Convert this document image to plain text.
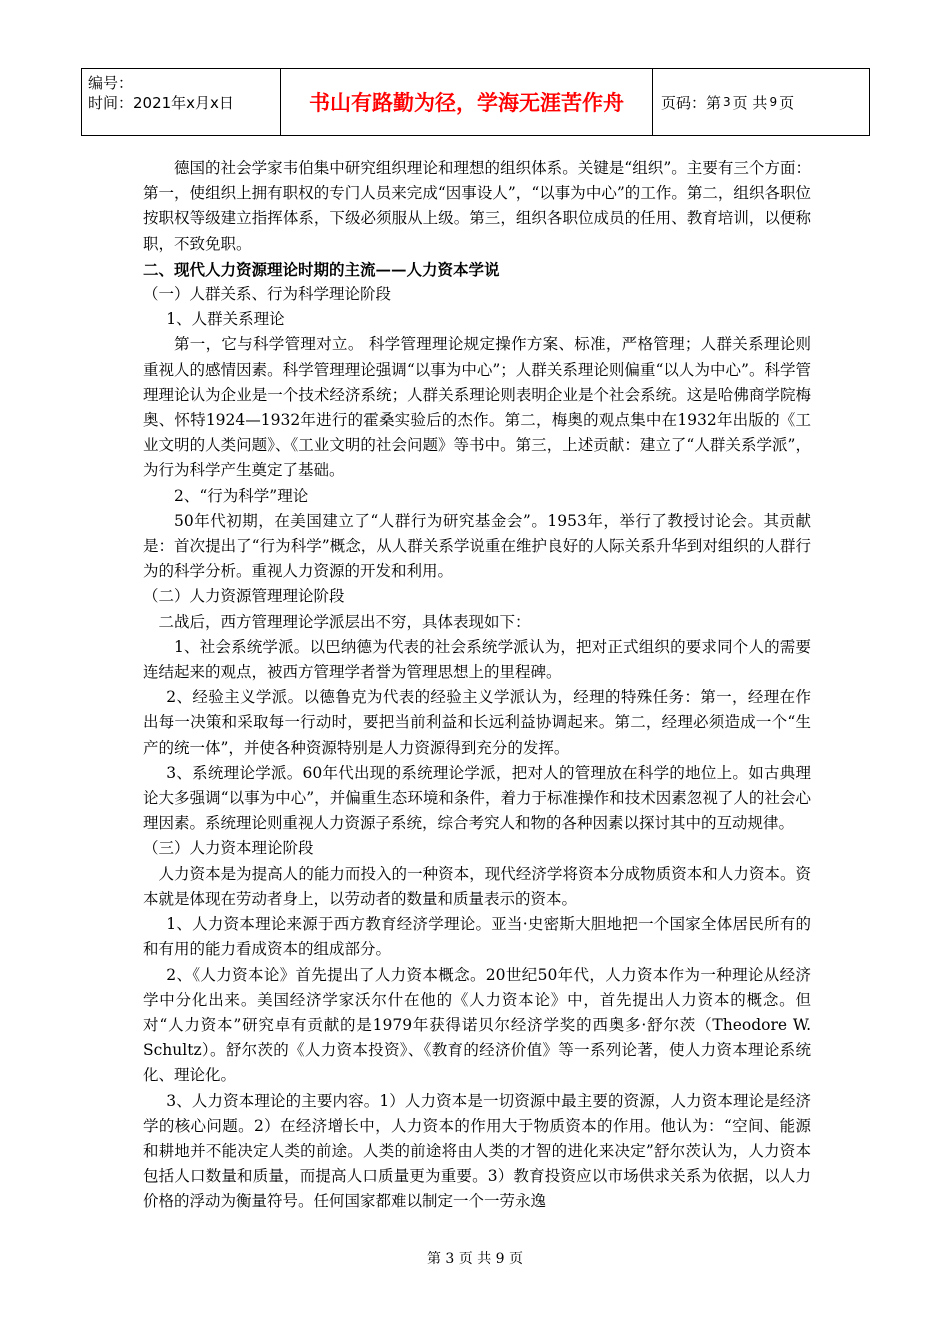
编号：
时间：2021年x月x日	书山有路勤为径，学海无涯苦作舟	页码：第 3 页 共 9 页

德国的社会学家韦伯集中研究组织理论和理想的组织体系。关键是“组织”。主要有三个方面：第一，使组织上拥有职权的专门人员来完成“因事设人”，“以事为中心”的工作。第二，组织各职位按职权等级建立指挥体系，下级必须服从上级。第三，组织各职位成员的任用、教育培训，以便称职，不致免职。

二、现代人力资源理论时期的主流——人力资本学说

（一）人群关系、行为科学理论阶段

1、人群关系理论

第一，它与科学管理对立。 科学管理理论规定操作方案、标准，严格管理；人群关系理论则重视人的感情因素。科学管理理论强调“以事为中心”；人群关系理论则偏重“以人为中心”。科学管理理论认为企业是一个技术经济系统；人群关系理论则表明企业是个社会系统。这是哈佛商学院梅奥、怀特1924—1932年进行的霍桑实验后的杰作。第二，梅奥的观点集中在1932年出版的《工业文明的人类问题》、《工业文明的社会问题》等书中。第三，上述贡献：建立了“人群关系学派”，为行为科学产生奠定了基础。

2、“行为科学”理论

50年代初期，在美国建立了“人群行为研究基金会”。1953年，举行了教授讨论会。其贡献是：首次提出了“行为科学”概念，从人群关系学说重在维护良好的人际关系升华到对组织的人群行为的科学分析。重视人力资源的开发和利用。

（二）人力资源管理理论阶段

二战后，西方管理理论学派层出不穷，具体表现如下：

1、社会系统学派。以巴纳德为代表的社会系统学派认为，把对正式组织的要求同个人的需要连结起来的观点，被西方管理学者誉为管理思想上的里程碑。

2、经验主义学派。以德鲁克为代表的经验主义学派认为，经理的特殊任务：第一，经理在作出每一决策和采取每一行动时，要把当前利益和长远利益协调起来。第二，经理必须造成一个“生产的统一体”，并使各种资源特别是人力资源得到充分的发挥。

3、系统理论学派。60年代出现的系统理论学派，把对人的管理放在科学的地位上。如古典理论大多强调“以事为中心”，并偏重生态环境和条件，着力于标准操作和技术因素忽视了人的社会心理因素。系统理论则重视人力资源子系统，综合考究人和物的各种因素以探讨其中的互动规律。

（三）人力资本理论阶段

人力资本是为提高人的能力而投入的一种资本，现代经济学将资本分成物质资本和人力资本。资本就是体现在劳动者身上，以劳动者的数量和质量表示的资本。

1、人力资本理论来源于西方教育经济学理论。亚当·史密斯大胆地把一个国家全体居民所有的和有用的能力看成资本的组成部分。

2、《人力资本论》首先提出了人力资本概念。20世纪50年代，人力资本作为一种理论从经济学中分化出来。美国经济学家沃尔什在他的《人力资本论》中，首先提出人力资本的概念。但对“人力资本”研究卓有贡献的是1979年获得诺贝尔经济学奖的西奥多·舒尔茨（Theodore W. Schultz）。舒尔茨的《人力资本投资》、《教育的经济价值》等一系列论著，使人力资本理论系统化、理论化。

3、人力资本理论的主要内容。1）人力资本是一切资源中最主要的资源，人力资本理论是经济学的核心问题。2）在经济增长中，人力资本的作用大于物质资本的作用。他认为：“空间、能源和耕地并不能决定人类的前途。人类的前途将由人类的才智的进化来决定”舒尔茨认为，人力资本包括人口数量和质量，而提高人口质量更为重要。3）教育投资应以市场供求关系为依据，以人力价格的浮动为衡量符号。任何国家都难以制定一个一劳永逸

第 3 页 共 9 页
